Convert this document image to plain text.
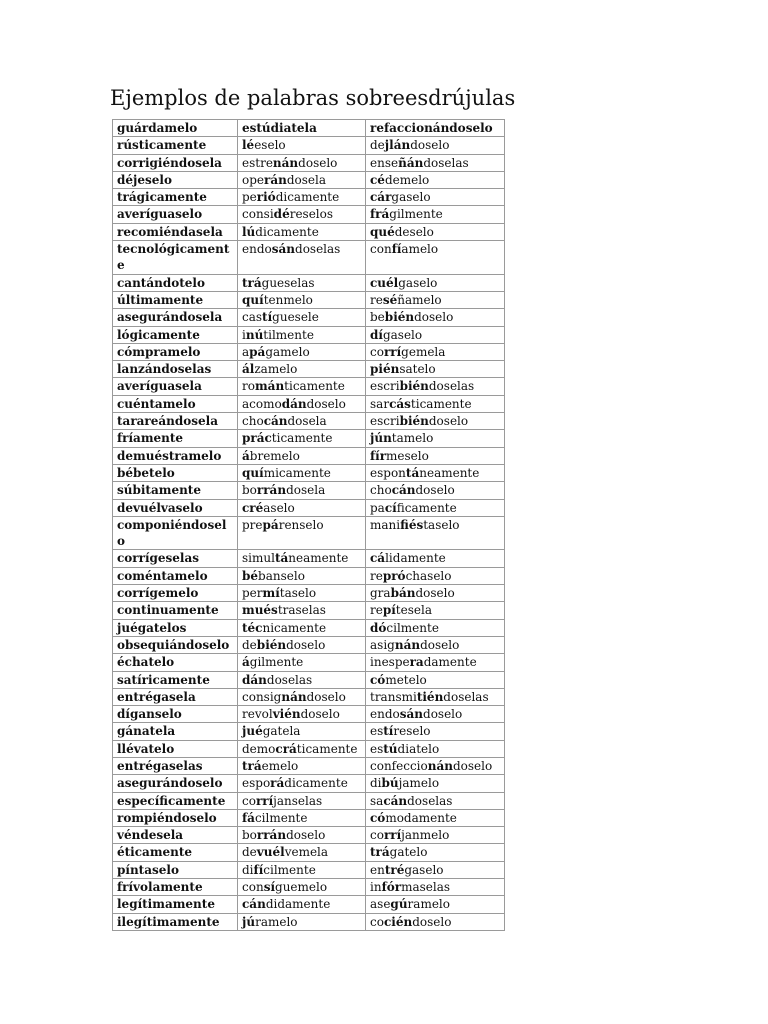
Ejemplos de palabras sobreesdrújulas
guárdamelo	estúdiatela	refaccionándoselo
rústicamente	léeselo	dejlándoselo
corrigiéndosela	estrenándoselo	enseñándoselas
déjeselo	operándosela	cédemelo
trágicamente	periódicamente	cárgaselo
averíguaselo	considéreselos	frágilmente
recomiéndasela	lúdicamente	quédeselo
tecnológicamente	endosándoselas	confíamelo
cantándotelo	trágueselas	cuélgaselo
últimamente	quítenmelo	reséñamelo
asegurándosela	castíguesele	bebiéndoselo
lógicamente	inútilmente	dígaselo
cómpramelo	apágamelo	corrígemela
lanzándoselas	álzamelo	piénsatelo
averíguasela	románticamente	escribiéndoselas
cuéntamelo	acomodándoselo	sarcásticamente
tarareándosela	chocándosela	escribiéndoselo
fríamente	prácticamente	júntamelo
demuéstramelo	ábremelo	fírmeselo
bébetelo	químicamente	espontáneamente
súbitamente	borrándosela	chocándoselo
devuélvaselo	créaselo	pacíficamente
componiéndoselo	prepárenselo	manifiéstaselo
corrígeselas	simultáneamente	cálidamente
coméntamelo	bébanselo	repróchaselo
corrígemelo	permítaselo	grabándoselo
continuamente	muéstraselas	repítesela
juégatelos	técnicamente	dócilmente
obsequiándoselo	debiéndoselo	asignándoselo
échatelo	ágilmente	inesperadamente
satíricamente	dándoselas	cómetelo
entrégasela	consignándoselo	transmitiéndoselas
díganselo	revolviéndoselo	endosándoselo
gánatela	juégatela	estíreselo
llévatelo	democráticamente	estúdiatelo
entrégaselas	tráemelo	confeccionándoselo
asegurándoselo	esporádicamente	dibújamelo
específicamente	corríjanselas	sacándoselas
rompiéndoselo	fácilmente	cómodamente
véndesela	borrándoselo	corríjanmelo
éticamente	devuélvemela	trágatelo
píntaselo	difícilmente	entrégaselo
frívolamente	consíguemelo	infórmaselas
legítimamente	cándidamente	asegúramelo
ilegítimamente	júramelo	cociéndoselo
